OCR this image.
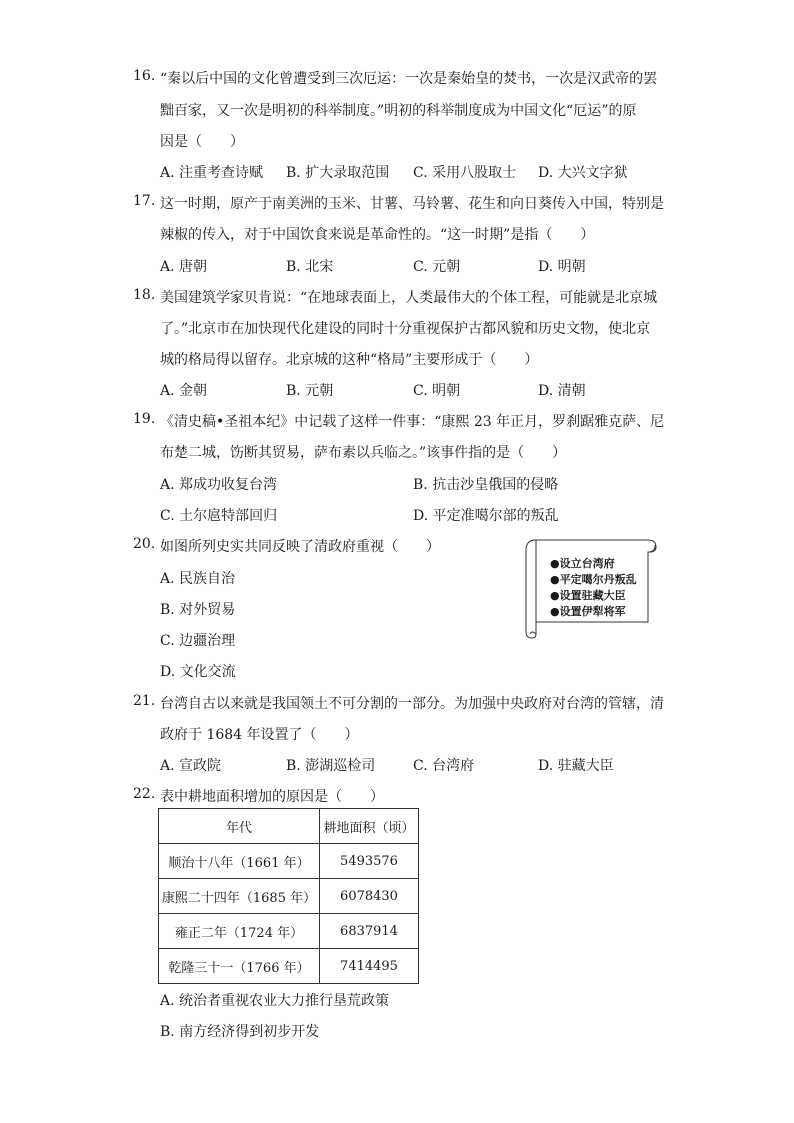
16. “秦以后中国的文化曾遭受到三次厄运：一次是秦始皇的焚书，一次是汉武帝的罢
黜百家，又一次是明初的科举制度。”明初的科举制度成为中国文化“厄运”的原
因是（　　）
A. 注重考查诗赋 B. 扩大录取范围 C. 采用八股取士 D. 大兴文字狱
17. 这一时期，原产于南美洲的玉米、甘薯、马铃薯、花生和向日葵传入中国，特别是
辣椒的传入，对于中国饮食来说是革命性的。“这一时期”是指（　　）
A. 唐朝	B. 北宋	C. 元朝	D. 明朝
18. 美国建筑学家贝肯说：“在地球表面上，人类最伟大的个体工程，可能就是北京城
了。”北京市在加快现代化建设的同时十分重视保护古都风貌和历史文物，使北京
城的格局得以留存。北京城的这种“格局”主要形成于（　　）
A. 金朝	B. 元朝	C. 明朝	D. 清朝
19. 《清史稿•圣祖本纪》中记载了这样一件事：“康熙 23 年正月，罗刹踞雅克萨、尼
布楚二城，饬断其贸易，萨布素以兵临之。”该事件指的是（　　）
A. 郑成功收复台湾	B. 抗击沙皇俄国的侵略
C. 土尔扈特部回归	D. 平定准噶尔部的叛乱
20. 如图所列史实共同反映了清政府重视（　　）
A. 民族自治
B. 对外贸易
C. 边疆治理
D. 文化交流
●设立台湾府
●平定噶尔丹叛乱
●设置驻藏大臣
●设置伊犁将军
21. 台湾自古以来就是我国领土不可分割的一部分。为加强中央政府对台湾的管辖，清
政府于 1684 年设置了（　　）
A. 宣政院	B. 澎湖巡检司	C. 台湾府	D. 驻藏大臣
22. 表中耕地面积增加的原因是（　　）
年代	耕地面积（顷）
顺治十八年（1661 年）	5493576
康熙二十四年（1685 年）	6078430
雍正二年（1724 年）	6837914
乾隆三十一（1766 年）	7414495
A. 统治者重视农业大力推行垦荒政策
B. 南方经济得到初步开发
